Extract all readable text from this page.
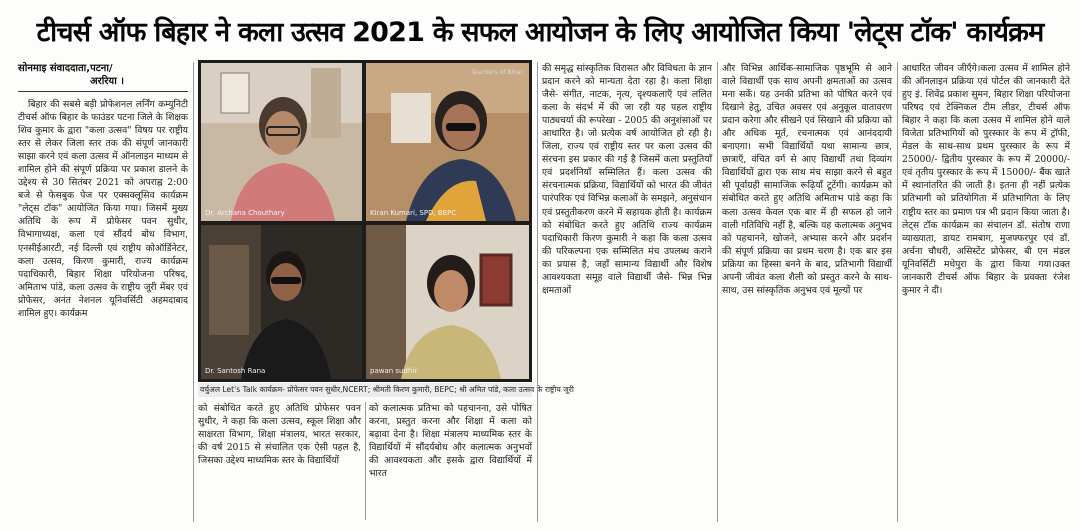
टीचर्स ऑफ बिहार ने कला उत्सव 2021 के सफल आयोजन के लिए आयोजित किया 'लेट्स टॉक' कार्यक्रम
सोनमाइ संवाददाता,पटना/
अररिया ।

बिहार की सबसे बड़ी प्रोफेशनल लर्निंग कम्युनिटी टीचर्स ऑफ बिहार के फाउंडर पटना जिले के शिक्षक शिव कुमार के द्वारा "कला उत्सव" विषय पर राष्ट्रीय स्तर से लेकर जिला स्तर तक की संपूर्ण जानकारी साझा करने एवं कला उत्सव में ऑनलाइन माध्यम से शामिल होने की संपूर्ण प्रक्रिया पर प्रकाश डालने के उद्देश्य से 30 सितंबर 2021 को अपराह्न 2:00 बजे से फेसबुक पेज पर एक्सक्लूसिव कार्यक्रम "लेट्स टॉक" आयोजित किया गया। जिसमें मुख्य अतिथि के रूप में प्रोफेसर पवन सुधीर, विभागाध्यक्ष, कला एवं सौंदर्य बोध विभाग, एनसीईआरटी, नई दिल्ली एवं राष्ट्रीय कोऑर्डिनेटर, कला उत्सव, किरण कुमारी, राज्य कार्यक्रम पदाधिकारी, बिहार शिक्षा परियोजना परिषद, अमिताभ पांडे, कला उत्सव के राष्ट्रीय जूरी मेंबर एवं प्रोफेसर, अनंत नेशनल यूनिवर्सिटी अहमदाबाद शामिल हुए। कार्यक्रम

Dr. Archana Chouthary
Teachers of Bihar
Kiran Kumari, SPD, BEPC
Dr. Santosh Rana	pawan sudhir
वर्चुअल Let's Talk कार्यक्रम- प्रोफेसर पवन सुधीर,NCERT; श्रीमती किरण कुमारी, BEPC; श्री अमित पांडे, कला उत्सव के राष्ट्रीय जूरी

को संबोधित करते हुए अतिथि प्रोफेसर पवन सुधीर, ने कहा कि कला उत्सव, स्कूल शिक्षा और साक्षरता विभाग, शिक्षा मंत्रालय, भारत सरकार, की वर्ष 2015 से संचालित एक ऐसी पहल है, जिसका उद्देश्य माध्यमिक स्तर के विद्यार्थियों

को कलात्मक प्रतिभा को पहचानना, उसे पोषित करना, प्रस्तुत करना और शिक्षा में कला को बढ़ावा देना है। शिक्षा मंत्रालय माध्यमिक स्तर के विद्यार्थियों में सौंदर्यबोध और कलात्मक अनुभवों की आवश्यकता और इसके द्वारा विद्यार्थियों में भारत

की समृद्ध सांस्कृतिक विरासत और विविधता के ज्ञान प्रदान करने को मान्यता देता रहा है। कला शिक्षा जैसे- संगीत, नाटक, नृत्य, दृश्यकलाएँ एवं ललित कला के संदर्भ में की जा रही यह पहल राष्ट्रीय पाठ्यचर्या की रूपरेखा - 2005 की अनुशंसाओं पर आधारित है। जो प्रत्येक वर्ष आयोजित हो रही है। जिला, राज्य एवं राष्ट्रीय स्तर पर कला उत्सव की संरचना इस प्रकार की गई है जिसमें कला प्रस्तुतियाँ एवं प्रदर्शनियाँ सम्मिलित हैं। कला उत्सव की संरचनात्मक प्रक्रिया, विद्यार्थियों को भारत की जीवंत पारंपरिक एवं विभिन्न कलाओं के समझने, अनुसंधान एवं प्रस्तुतीकरण करने में सहायक होती है। कार्यक्रम को संबोधित करते हुए अतिथि राज्य कार्यक्रम पदाधिकारी किरण कुमारी ने कहा कि कला उत्सव की परिकल्पना एक सम्मिलित मंच उपलब्ध कराने का प्रयास है, जहाँ सामान्य विद्यार्थी और विशेष आवश्यकता समूह वाले विद्यार्थी जैसे- भिन्न भिन्न क्षमताओं

और विभिन्न आर्थिक-सामाजिक पृष्ठभूमि से आने वाले विद्यार्थी एक साथ अपनी क्षमताओं का उत्सव मना सकें। यह उनकी प्रतिभा को पोषित करने एवं दिखाने हेतु, उचित अवसर एवं अनुकूल वातावरण प्रदान करेगा और सीखने एवं सिखाने की प्रक्रिया को और अधिक मूर्त, रचनात्मक एवं आनंददायी बनाएगा। सभी विद्यार्थियों यथा सामान्य छात्र, छात्राएँ, वंचित वर्ग से आए विद्यार्थी तथा दिव्यांग विद्यार्थियों द्वारा एक साथ मंच साझा करने से बहुत सी पूर्वाग्रही सामाजिक रूढ़ियाँ टूटेंगी। कार्यक्रम को संबोधित करते हुए अतिथि अमिताभ पांडे कहा कि कला उत्सव केवल एक बार में ही सफल हो जाने वाली गतिविधि नहीं है, बल्कि यह कलात्मक अनुभव को पहचानने, खोजने, अभ्यास करने और प्रदर्शन की संपूर्ण प्रक्रिया का प्रथम चरण है। एक बार इस प्रक्रिया का हिस्सा बनने के बाद, प्रतिभागी विद्यार्थी अपनी जीवंत कला शैली को प्रस्तुत करने के साथ-साथ, उस सांस्कृतिक अनुभव एवं मूल्यों पर

आधारित जीवन जीएँगे।कला उत्सव में शामिल होने की ऑनलाइन प्रक्रिया एवं पोर्टल की जानकारी देते हुए इं. शिवेंद्र प्रकाश सुमन, बिहार शिक्षा परियोजना परिषद एवं टेक्निकल टीम लीडर, टीचर्स ऑफ बिहार ने कहा कि कला उत्सव में शामिल होने वाले विजेता प्रतिभागियों को पुरस्कार के रूप में ट्रॉफी, मेडल के साथ-साथ प्रथम पुरस्कार के रूप में 25000/- द्वितीय पुरस्कार के रूप में 20000/- एवं तृतीय पुरस्कार के रूप में 15000/- बैंक खाते में स्थानांतरित की जाती है। इतना ही नहीं प्रत्येक प्रतिभागी को प्रतियोगिता में प्रतिभागिता के लिए राष्ट्रीय स्तर का प्रमाण पत्र भी प्रदान किया जाता है। लेट्स टॉक कार्यक्रम का संचालन डॉ. संतोष राणा व्याख्याता, डायट रामबाग, मुजफ्फरपुर एवं डॉ. अर्चना चौधरी, असिस्टेंट प्रोफेसर, बी एन मंडल यूनिवर्सिटी मधेपुरा के द्वारा किया गया।उक्त जानकारी टीचर्स ऑफ बिहार के प्रवक्ता रंजेश कुमार ने दी।
